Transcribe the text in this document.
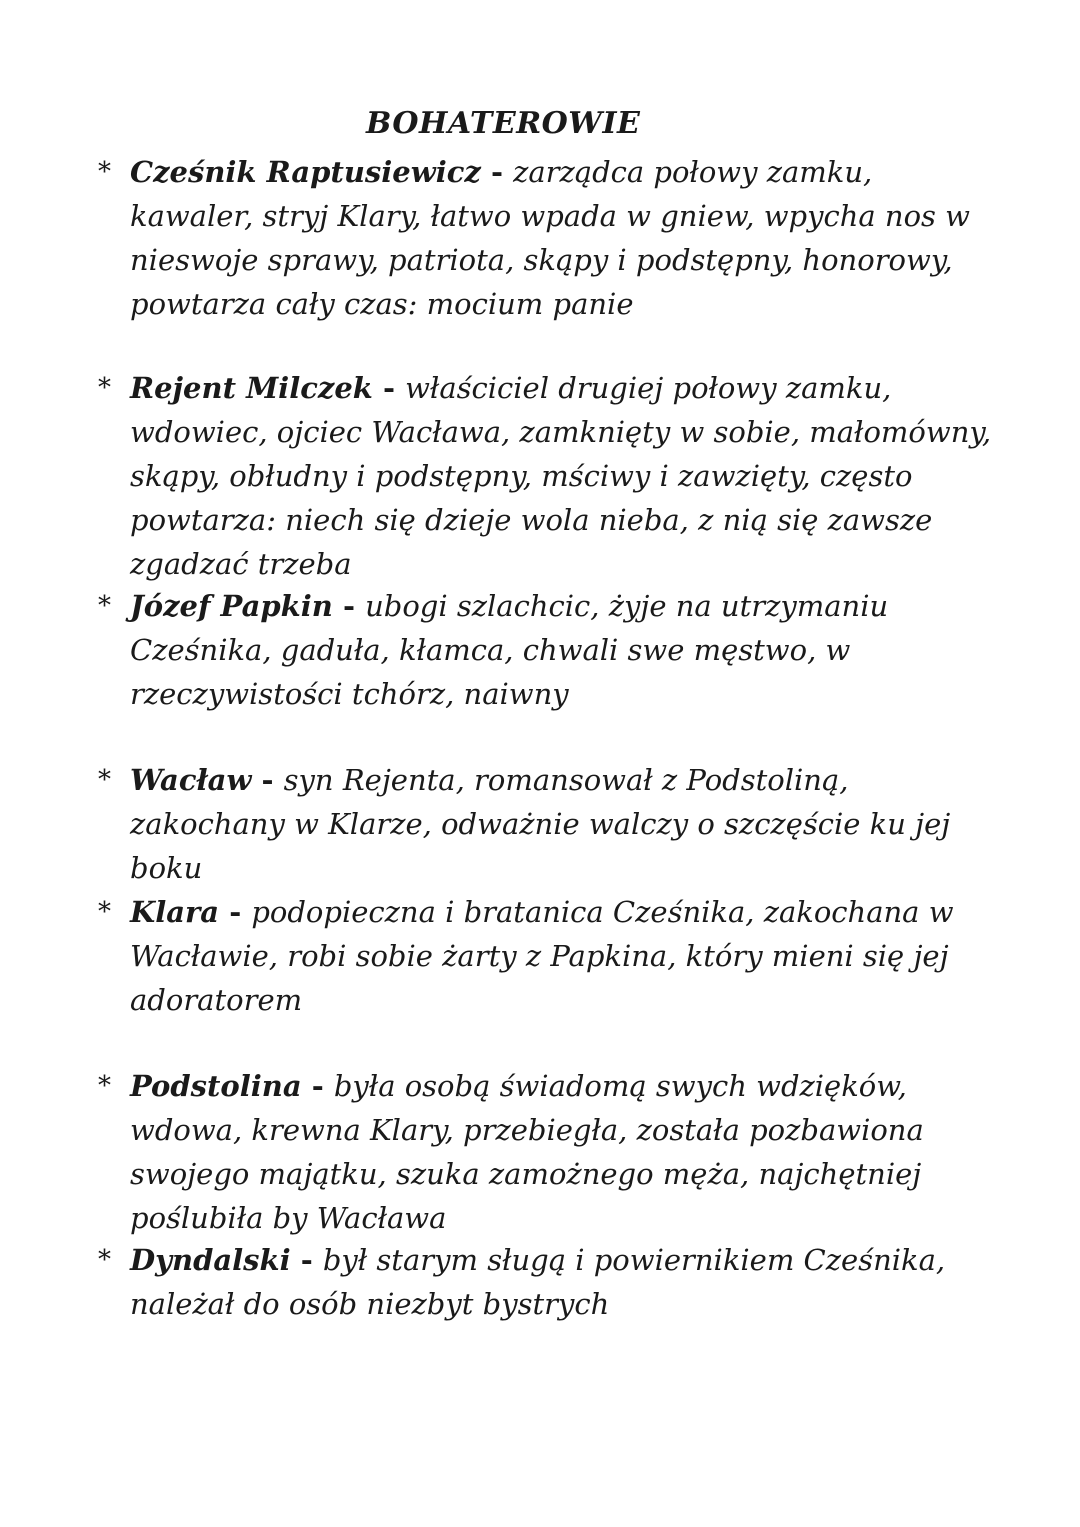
BOHATEROWIE
* Cześnik Raptusiewicz - zarządca połowy zamku, kawaler, stryj Klary, łatwo wpada w gniew, wpycha nos w nieswoje sprawy, patriota, skąpy i podstępny, honorowy, powtarza cały czas: mocium panie
* Rejent Milczek - właściciel drugiej połowy zamku, wdowiec, ojciec Wacława, zamknięty w sobie, małomówny, skąpy, obłudny i podstępny, mściwy i zawzięty, często powtarza: niech się dzieje wola nieba, z nią się zawsze zgadzać trzeba
* Józef Papkin - ubogi szlachcic, żyje na utrzymaniu Cześnika, gaduła, kłamca, chwali swe męstwo, w rzeczywistości tchórz, naiwny
* Wacław - syn Rejenta, romansował z Podstoliną, zakochany w Klarze, odważnie walczy o szczęście ku jej boku
* Klara - podopieczna i bratanica Cześnika, zakochana w Wacławie, robi sobie żarty z Papkina, który mieni się jej adoratorem
* Podstolina - była osobą świadomą swych wdzięków, wdowa, krewna Klary, przebiegła, została pozbawiona swojego majątku, szuka zamożnego męża, najchętniej poślubiła by Wacława
* Dyndalski - był starym sługą i powiernikiem Cześnika, należał do osób niezbyt bystrych
